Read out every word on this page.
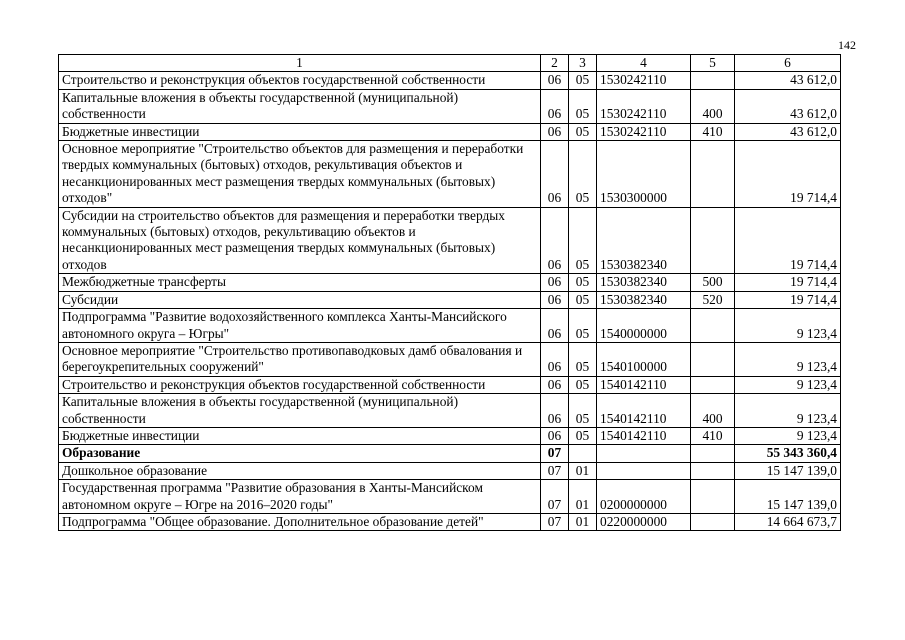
142
1	2	3	4	5	6
Строительство и реконструкция объектов государственной собственности	06	05	1530242110		43 612,0
Капитальные вложения в объекты государственной (муниципальной) собственности	06	05	1530242110	400	43 612,0
Бюджетные инвестиции	06	05	1530242110	410	43 612,0
Основное мероприятие "Строительство объектов для размещения и переработки твердых коммунальных (бытовых) отходов, рекультивация объектов и несанкционированных мест размещения твердых коммунальных (бытовых) отходов"	06	05	1530300000		19 714,4
Субсидии на строительство объектов для размещения и переработки твердых коммунальных (бытовых) отходов, рекультивацию объектов и несанкционированных мест размещения твердых коммунальных (бытовых) отходов	06	05	1530382340		19 714,4
Межбюджетные трансферты	06	05	1530382340	500	19 714,4
Субсидии	06	05	1530382340	520	19 714,4
Подпрограмма "Развитие водохозяйственного комплекса Ханты-Мансийского автономного округа – Югры"	06	05	1540000000		9 123,4
Основное мероприятие "Строительство противопаводковых дамб обвалования и берегоукрепительных сооружений"	06	05	1540100000		9 123,4
Строительство и реконструкция объектов государственной собственности	06	05	1540142110		9 123,4
Капитальные вложения в объекты государственной (муниципальной) собственности	06	05	1540142110	400	9 123,4
Бюджетные инвестиции	06	05	1540142110	410	9 123,4
Образование	07				55 343 360,4
Дошкольное образование	07	01			15 147 139,0
Государственная программа "Развитие образования в Ханты-Мансийском автономном округе – Югре на 2016–2020 годы"	07	01	0200000000		15 147 139,0
Подпрограмма "Общее образование. Дополнительное образование детей"	07	01	0220000000		14 664 673,7
